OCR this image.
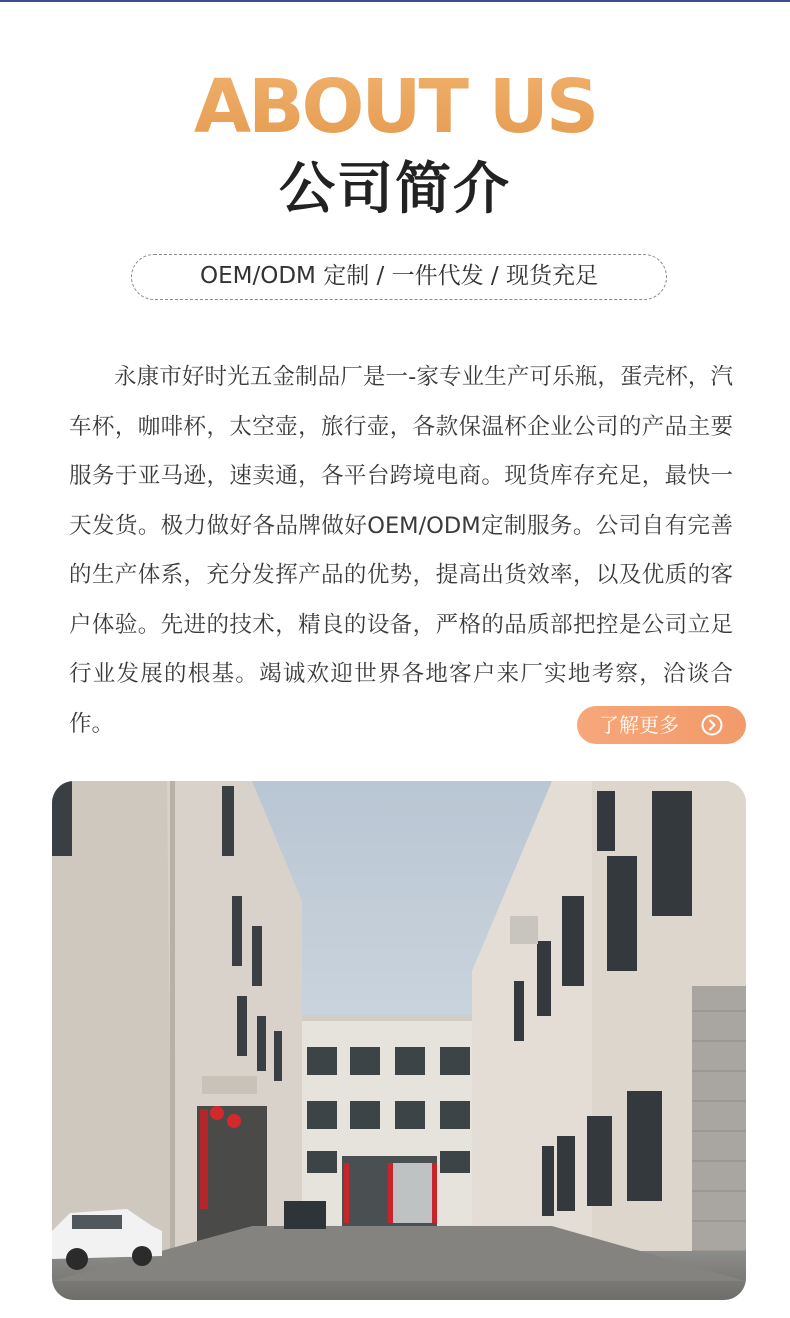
ABOUT US
公司简介
OEM/ODM 定制 / 一件代发 / 现货充足

永康市好时光五金制品厂是一-家专业生产可乐瓶，蛋壳杯，汽车杯，咖啡杯，太空壶，旅行壶，各款保温杯企业公司的产品主要服务于亚马逊，速卖通，各平台跨境电商。现货库存充足，最快一天发货。极力做好各品牌做好OEM/ODM定制服务。公司自有完善的生产体系，充分发挥产品的优势，提高出货效率，以及优质的客户体验。先进的技术，精良的设备，严格的品质部把控是公司立足行业发展的根基。竭诚欢迎世界各地客户来厂实地考察，洽谈合作。	了解更多
